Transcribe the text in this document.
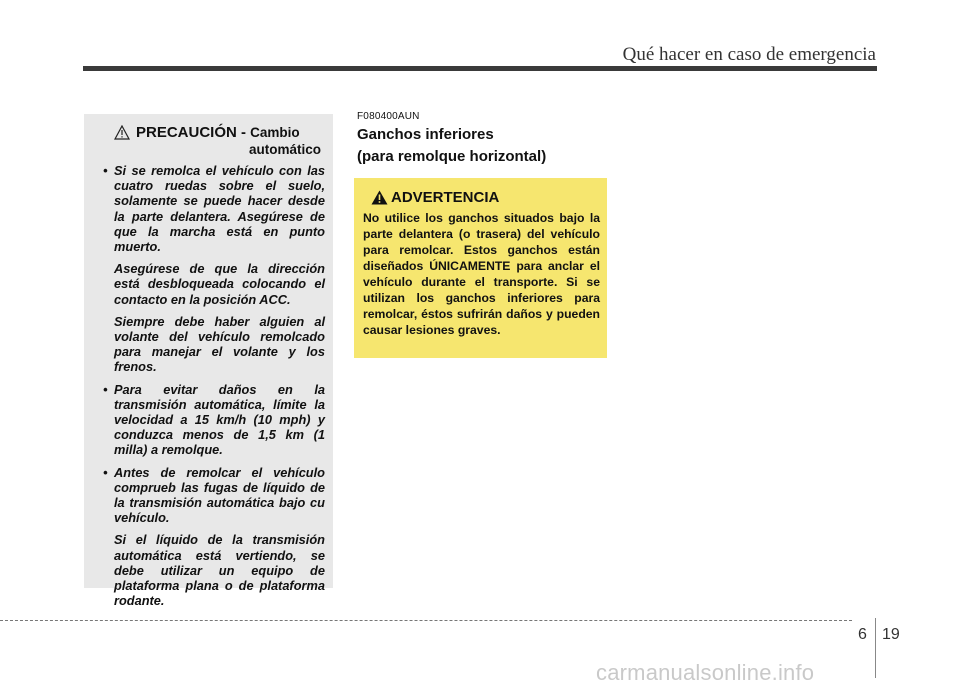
Qué hacer en caso de emergencia
PRECAUCIÓN - Cambio
automático
• Si se remolca el vehículo con las cuatro ruedas sobre el suelo, solamente se puede hacer desde la parte delantera. Asegúrese de que la marcha está en punto muerto.

Asegúrese de que la dirección está desbloqueada colocando el contacto en la posición ACC.

Siempre debe haber alguien al volante del vehículo remolcado para manejar el volante y los frenos.

• Para evitar daños en la transmisión automática, límite la velocidad a 15 km/h (10 mph) y conduzca menos de 1,5 km (1 milla) a remolque.

• Antes de remolcar el vehículo comprueb las fugas de líquido de la transmisión automática bajo cu vehículo.

Si el líquido de la transmisión automática está vertiendo, se debe utilizar un equipo de plataforma plana o de plataforma rodante.

F080400AUN
Ganchos inferiores
(para remolque horizontal)
ADVERTENCIA

No utilice los ganchos situados bajo la parte delantera (o trasera) del vehículo para remolcar. Estos ganchos están diseñados ÚNICAMENTE para anclar el vehículo durante el transporte. Si se utilizan los ganchos inferiores para remolcar, éstos sufrirán daños y pueden causar lesiones graves.

6 19
carmanualsonline.info
